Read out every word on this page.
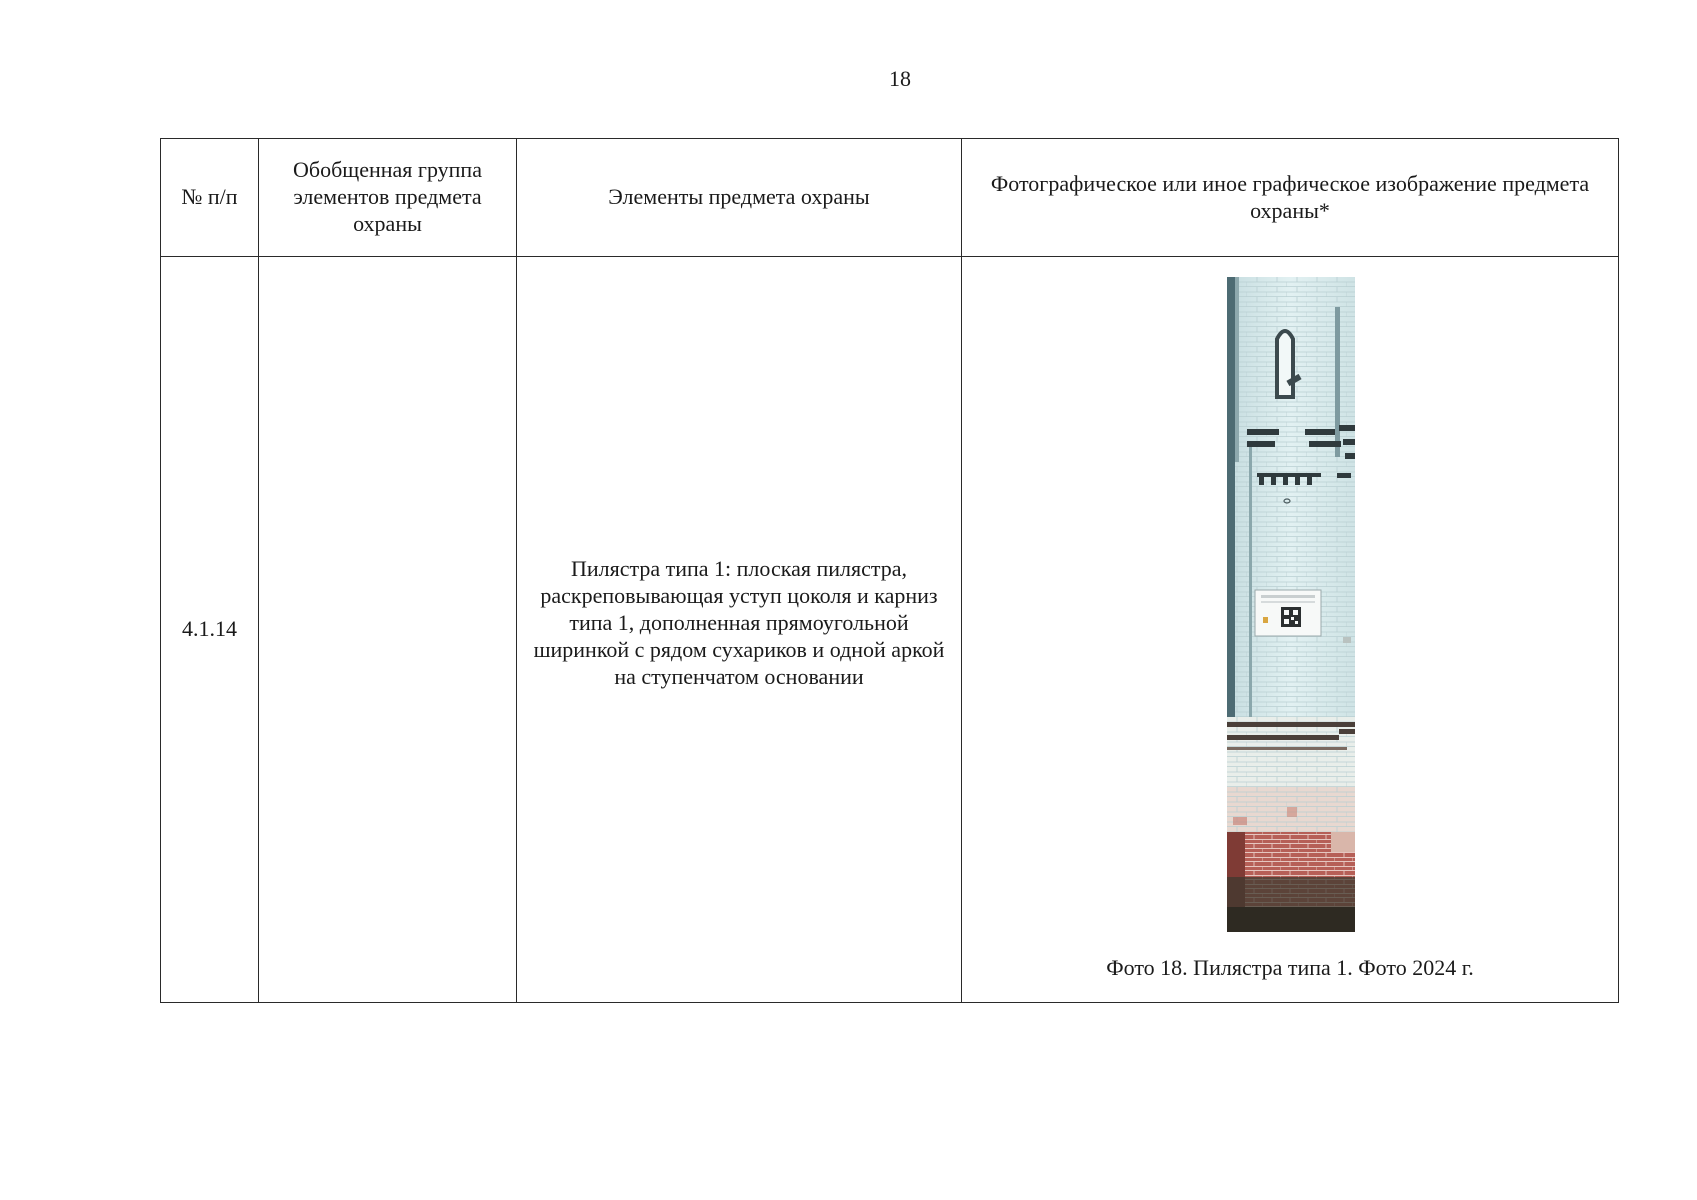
18
№ п/п	Обобщенная группа элементов предмета охраны	Элементы предмета охраны	Фотографическое или иное графическое изображение предмета охраны*
4.1.14		Пилястра типа 1: плоская пилястра, раскреповывающая уступ цоколя и карниз типа 1, дополненная прямоугольной ширинкой с рядом сухариков и одной аркой на ступенчатом основании	Фото 18. Пилястра типа 1. Фото 2024 г.
